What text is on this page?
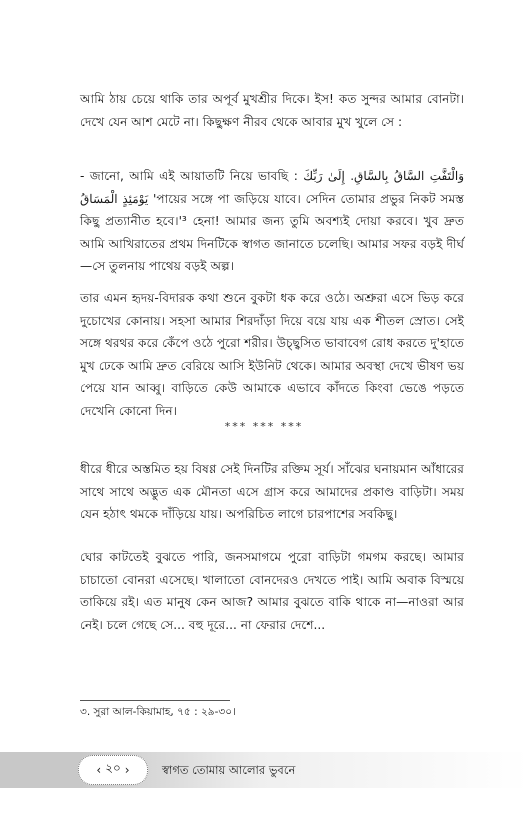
আমি ঠায় চেয়ে থাকি তার অপূর্ব মুখশ্রীর দিকে। ইস! কত সুন্দর আমার বোনটা। দেখে যেন আশ মেটে না। কিছুক্ষণ নীরব থেকে আবার মুখ খুলে সে :
- জানো, আমি এই আয়াতটি নিয়ে ভাবছি : وَالْتَفَّتِ السَّاقُ بِالسَّاقِ. إِلَىٰ رَبِّكَ يَوْمَئِذٍ الْمَسَاقُ 'পায়ের সঙ্গে পা জড়িয়ে যাবে। সেদিন তোমার প্রভুর নিকট সমস্ত কিছু প্রত্যানীত হবে।'³ হেনা! আমার জন্য তুমি অবশ্যই দোয়া করবে। খুব দ্রুত আমি আখিরাতের প্রথম দিনটিকে স্বাগত জানাতে চলেছি। আমার সফর বড়ই দীর্ঘ—সে তুলনায় পাথেয় বড়ই অল্প।
তার এমন হৃদয়-বিদারক কথা শুনে বুকটা ধক করে ওঠে। অশ্রুরা এসে ভিড় করে দুচোখের কোনায়। সহসা আমার শিরদাঁড়া দিয়ে বয়ে যায় এক শীতল স্রোত। সেই সঙ্গে থরথর করে কেঁপে ওঠে পুরো শরীর। উচ্ছ্বসিত ভাবাবেগ রোধ করতে দু'হাতে মুখ ঢেকে আমি দ্রুত বেরিয়ে আসি ইউনিট থেকে। আমার অবস্থা দেখে ভীষণ ভয় পেয়ে যান আব্বু। বাড়িতে কেউ আমাকে এভাবে কাঁদতে কিংবা ভেঙে পড়তে দেখেনি কোনো দিন।
*** *** ***
ধীরে ধীরে অস্তমিত হয় বিষণ্ণ সেই দিনটির রক্তিম সূর্য। সাঁঝের ঘনায়মান আঁধারের সাথে সাথে অদ্ভুত এক মৌনতা এসে গ্রাস করে আমাদের প্রকাণ্ড বাড়িটা। সময় যেন হঠাৎ থমকে দাঁড়িয়ে যায়। অপরিচিত লাগে চারপাশের সবকিছু।
ঘোর কাটতেই বুঝতে পারি, জনসমাগমে পুরো বাড়িটা গমগম করছে। আমার চাচাতো বোনরা এসেছে। খালাতো বোনদেরও দেখতে পাই। আমি অবাক বিস্ময়ে তাকিয়ে রই। এত মানুষ কেন আজ? আমার বুঝতে বাকি থাকে না—নাওরা আর নেই। চলে গেছে সে... বহু দূরে... না ফেরার দেশে...
৩. সুরা আল-কিয়ামাহ, ৭৫ : ২৯-৩০।
‹ ২০ ›	স্বাগত তোমায় আলোর ভুবনে
